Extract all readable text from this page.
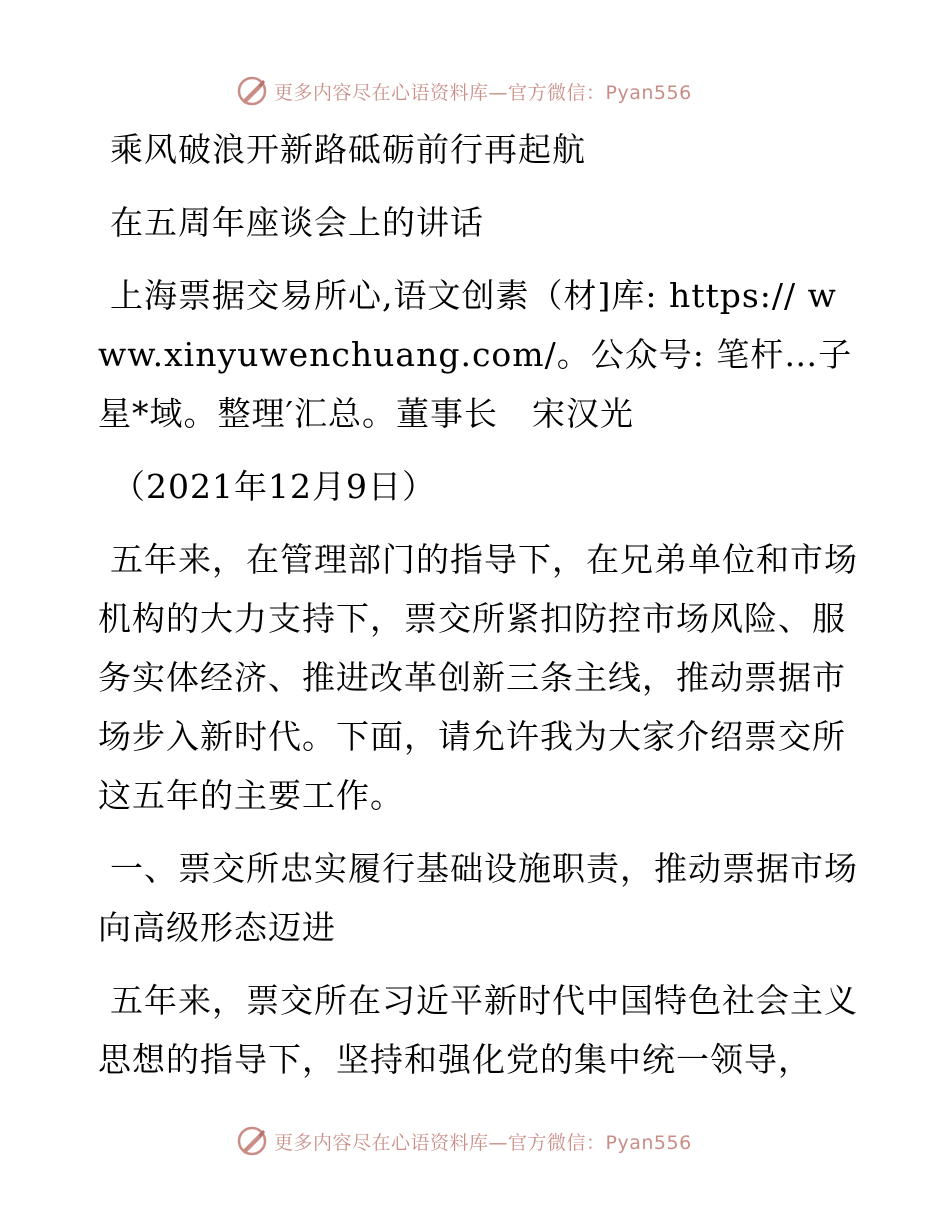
更多内容尽在心语资料库—官方微信：Pyan556

乘风破浪开新路砥砺前行再起航

在五周年座谈会上的讲话

上海票据交易所心,语文创素（材]库: https:// www.xinyuwenchuang.com/。公众号: 笔杆…子星*域。整理′汇总。董事长　宋汉光

（2021年12月9日）

五年来，在管理部门的指导下，在兄弟单位和市场机构的大力支持下，票交所紧扣防控市场风险、服务实体经济、推进改革创新三条主线，推动票据市场步入新时代。下面，请允许我为大家介绍票交所这五年的主要工作。

一、票交所忠实履行基础设施职责，推动票据市场向高级形态迈进

五年来，票交所在习近平新时代中国特色社会主义思想的指导下，坚持和强化党的集中统一领导，

更多内容尽在心语资料库—官方微信：Pyan556
